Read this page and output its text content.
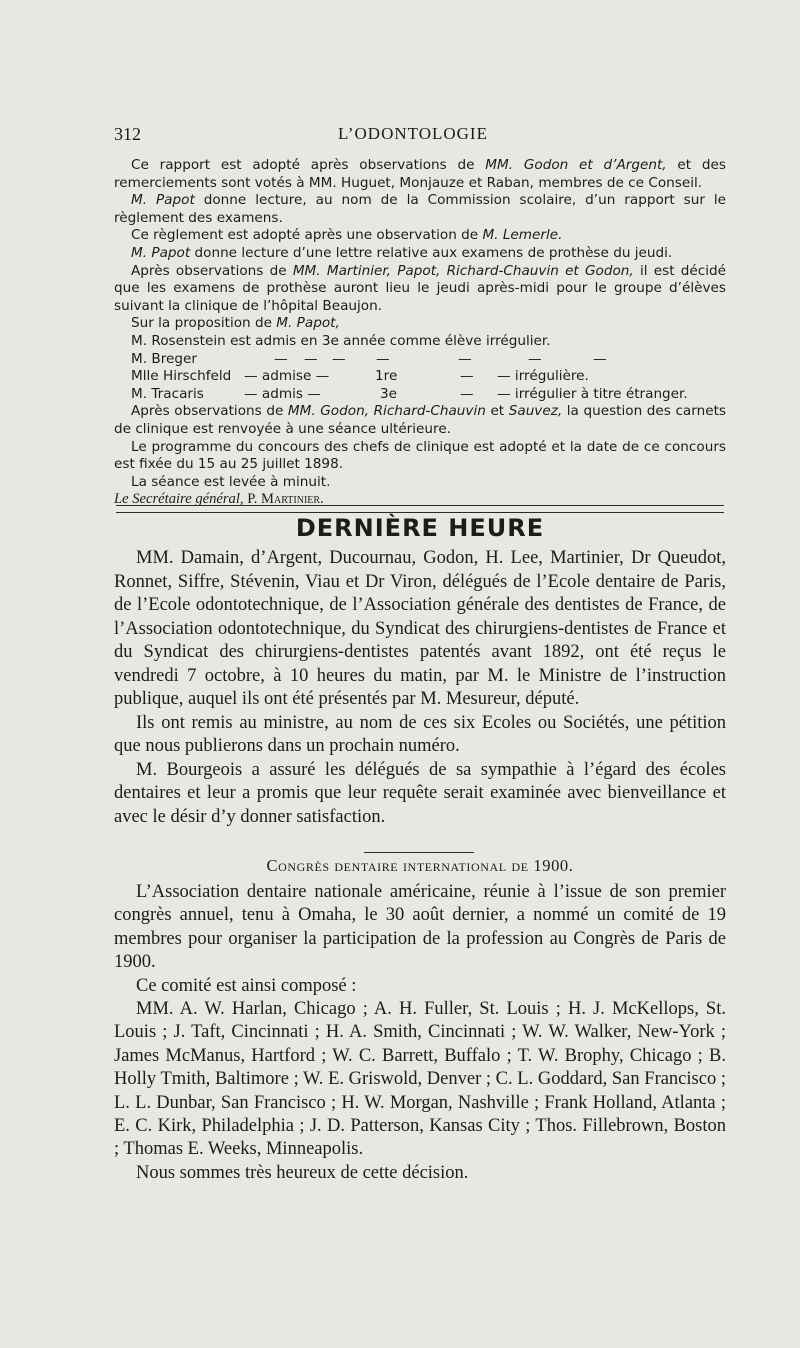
312	L’ODONTOLOGIE

Ce rapport est adopté après observations de MM. Godon et d’Argent, et des remerciements sont votés à MM. Huguet, Monjauze et Raban, membres de ce Conseil.

M. Papot donne lecture, au nom de la Commission scolaire, d’un rapport sur le règlement des examens.

Ce règlement est adopté après une observation de M. Lemerle.

M. Papot donne lecture d’une lettre relative aux examens de prothèse du jeudi.

Après observations de MM. Martinier, Papot, Richard-Chauvin et Godon, il est décidé que les examens de prothèse auront lieu le jeudi après-midi pour le groupe d’élèves suivant la clinique de l’hôpital Beaujon.

Sur la proposition de M. Papot,

M. Rosenstein est admis en 3e année comme élève irrégulier.

M. Breger	— — — —	—	—	—
Mlle Hirschfeld — admise —	1re	— — irrégulière.
M. Tracaris	— admis —	3e	— — irrégulier à titre étranger.

Après observations de MM. Godon, Richard-Chauvin et Sauvez, la question des carnets de clinique est renvoyée à une séance ultérieure.

Le programme du concours des chefs de clinique est adopté et la date de ce concours est fixée du 15 au 25 juillet 1898.

La séance est levée à minuit.

Le Secrétaire général, P. Martinier.

DERNIÈRE HEURE

MM. Damain, d’Argent, Ducournau, Godon, H. Lee, Martinier, Dr Queudot, Ronnet, Siffre, Stévenin, Viau et Dr Viron, délégués de l’Ecole dentaire de Paris, de l’Ecole odontotechnique, de l’Association générale des dentistes de France, de l’Association odontotechnique, du Syndicat des chirurgiens-dentistes de France et du Syndicat des chirurgiens-dentistes patentés avant 1892, ont été reçus le vendredi 7 octobre, à 10 heures du matin, par M. le Ministre de l’instruction publique, auquel ils ont été présentés par M. Mesureur, député.

Ils ont remis au ministre, au nom de ces six Ecoles ou Sociétés, une pétition que nous publierons dans un prochain numéro.

M. Bourgeois a assuré les délégués de sa sympathie à l’égard des écoles dentaires et leur a promis que leur requête serait examinée avec bienveillance et avec le désir d’y donner satisfaction.

Congrès dentaire international de 1900.

L’Association dentaire nationale américaine, réunie à l’issue de son premier congrès annuel, tenu à Omaha, le 30 août dernier, a nommé un comité de 19 membres pour organiser la participation de la profession au Congrès de Paris de 1900.

Ce comité est ainsi composé :

MM. A. W. Harlan, Chicago ; A. H. Fuller, St. Louis ; H. J. McKellops, St. Louis ; J. Taft, Cincinnati ; H. A. Smith, Cincinnati ; W. W. Walker, New-York ; James McManus, Hartford ; W. C. Barrett, Buffalo ; T. W. Brophy, Chicago ; B. Holly Tmith, Baltimore ; W. E. Griswold, Denver ; C. L. Goddard, San Francisco ; L. L. Dunbar, San Francisco ; H. W. Morgan, Nashville ; Frank Holland, Atlanta ; E. C. Kirk, Philadelphia ; J. D. Patterson, Kansas City ; Thos. Fillebrown, Boston ; Thomas E. Weeks, Minneapolis.

Nous sommes très heureux de cette décision.
